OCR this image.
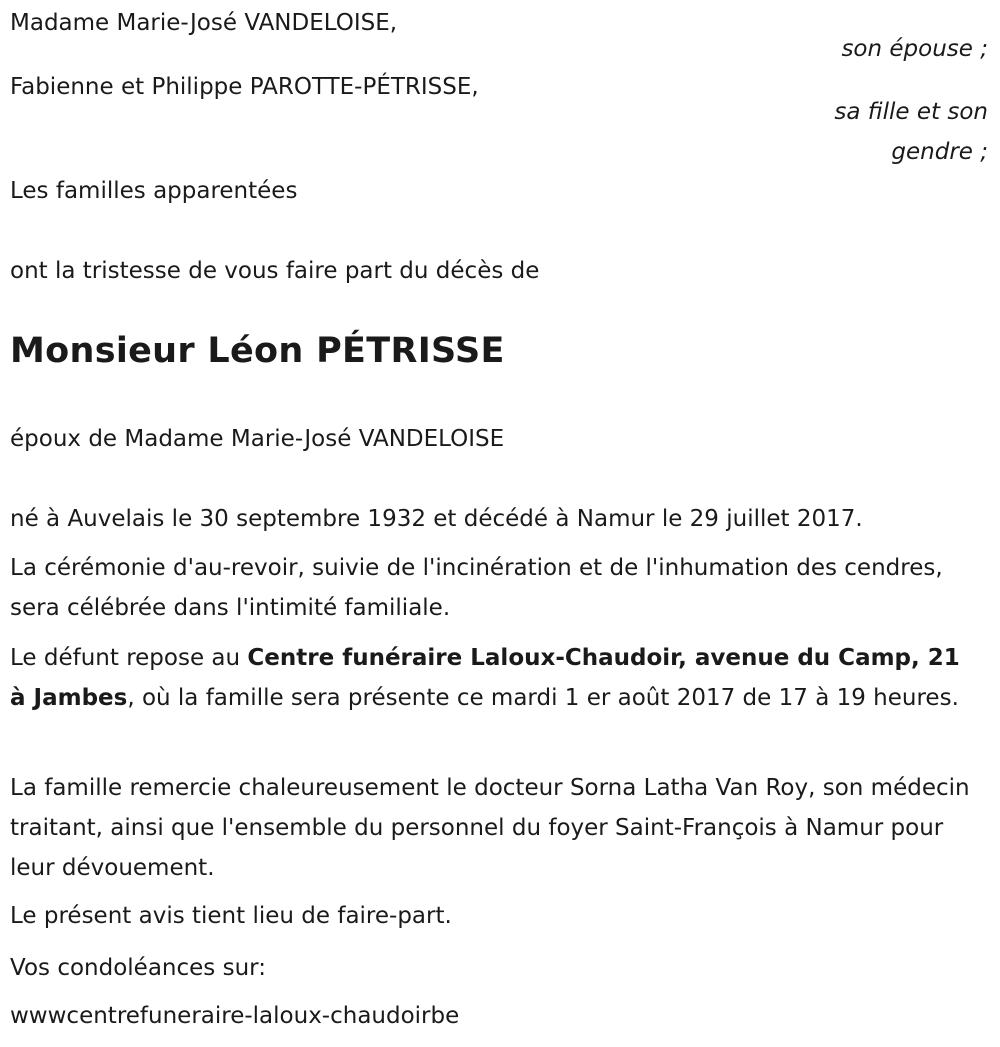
Madame Marie-José VANDELOISE,
son épouse ;
Fabienne et Philippe PAROTTE-PÉTRISSE,
sa fille et son
gendre ;
Les familles apparentées
ont la tristesse de vous faire part du décès de
Monsieur Léon PÉTRISSE
époux de Madame Marie-José VANDELOISE
né à Auvelais le 30 septembre 1932 et décédé à Namur le 29 juillet 2017.
La cérémonie d'au-revoir, suivie de l'incinération et de l'inhumation des cendres, sera célébrée dans l'intimité familiale.
Le défunt repose au Centre funéraire Laloux-Chaudoir, avenue du Camp, 21 à Jambes, où la famille sera présente ce mardi 1 er août 2017 de 17 à 19 heures.
La famille remercie chaleureusement le docteur Sorna Latha Van Roy, son médecin traitant, ainsi que l'ensemble du personnel du foyer Saint-François à Namur pour leur dévouement.
Le présent avis tient lieu de faire-part.
Vos condoléances sur:
wwwcentrefuneraire-laloux-chaudoirbe
